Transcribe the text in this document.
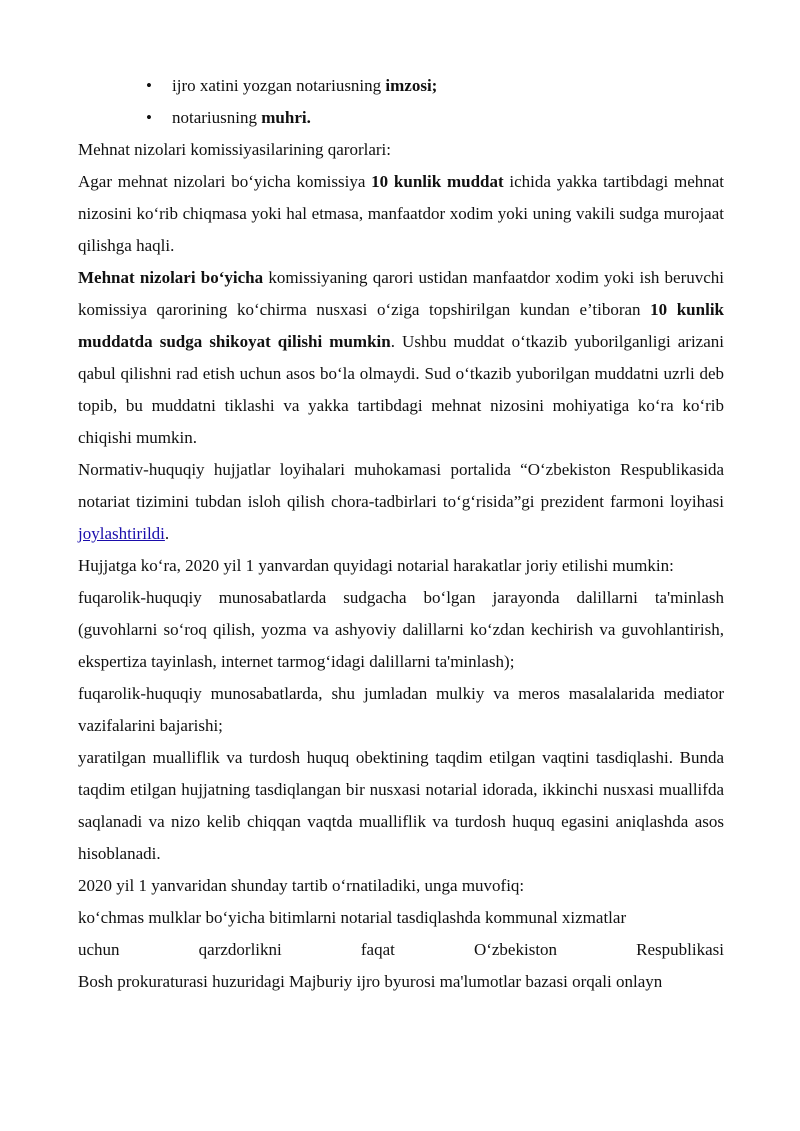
• ijro xatini yozgan notariusning imzosi;
• notariusning muhri.

Mehnat nizolari komissiyasilarining qarorlari:

Agar mehnat nizolari bo‘yicha komissiya 10 kunlik muddat ichida yakka tartibdagi mehnat nizosini ko‘rib chiqmasa yoki hal etmasa, manfaatdor xodim yoki uning vakili sudga murojaat qilishga haqli.

Mehnat nizolari bo‘yicha komissiyaning qarori ustidan manfaatdor xodim yoki ish beruvchi komissiya qarorining ko‘chirma nusxasi o‘ziga topshirilgan kundan e’tiboran 10 kunlik muddatda sudga shikoyat qilishi mumkin. Ushbu muddat o‘tkazib yuborilganligi arizani qabul qilishni rad etish uchun asos bo‘la olmaydi. Sud o‘tkazib yuborilgan muddatni uzrli deb topib, bu muddatni tiklashi va yakka tartibdagi mehnat nizosini mohiyatiga ko‘ra ko‘rib chiqishi mumkin.

Normativ-huquqiy hujjatlar loyihalari muhokamasi portalida “O‘zbekiston Respublikasida notariat tizimini tubdan isloh qilish chora-tadbirlari to‘g‘risida”gi prezident farmoni loyihasi joylashtirildi.

Hujjatga ko‘ra, 2020 yil 1 yanvardan quyidagi notarial harakatlar joriy etilishi mumkin:

fuqarolik-huquqiy munosabatlarda sudgacha bo‘lgan jarayonda dalillarni ta'minlash (guvohlarni so‘roq qilish, yozma va ashyoviy dalillarni ko‘zdan kechirish va guvohlantirish, ekspertiza tayinlash, internet tarmog‘idagi dalillarni ta'minlash);

fuqarolik-huquqiy munosabatlarda, shu jumladan mulkiy va meros masalalarida mediator vazifalarini bajarishi;

yaratilgan mualliflik va turdosh huquq obektining taqdim etilgan vaqtini tasdiqlashi. Bunda taqdim etilgan hujjatning tasdiqlangan bir nusxasi notarial idorada, ikkinchi nusxasi muallifda saqlanadi va nizo kelib chiqqan vaqtda mualliflik va turdosh huquq egasini aniqlashda asos hisoblanadi.

2020 yil 1 yanvaridan shunday tartib o‘rnatiladiki, unga muvofiq:

ko‘chmas mulklar bo‘yicha bitimlarni notarial tasdiqlashda kommunal xizmatlar

uchun	qarzdorlikni	faqat	O‘zbekiston	Respublikasi

Bosh prokuraturasi huzuridagi Majburiy ijro byurosi ma'lumotlar bazasi orqali onlayn
